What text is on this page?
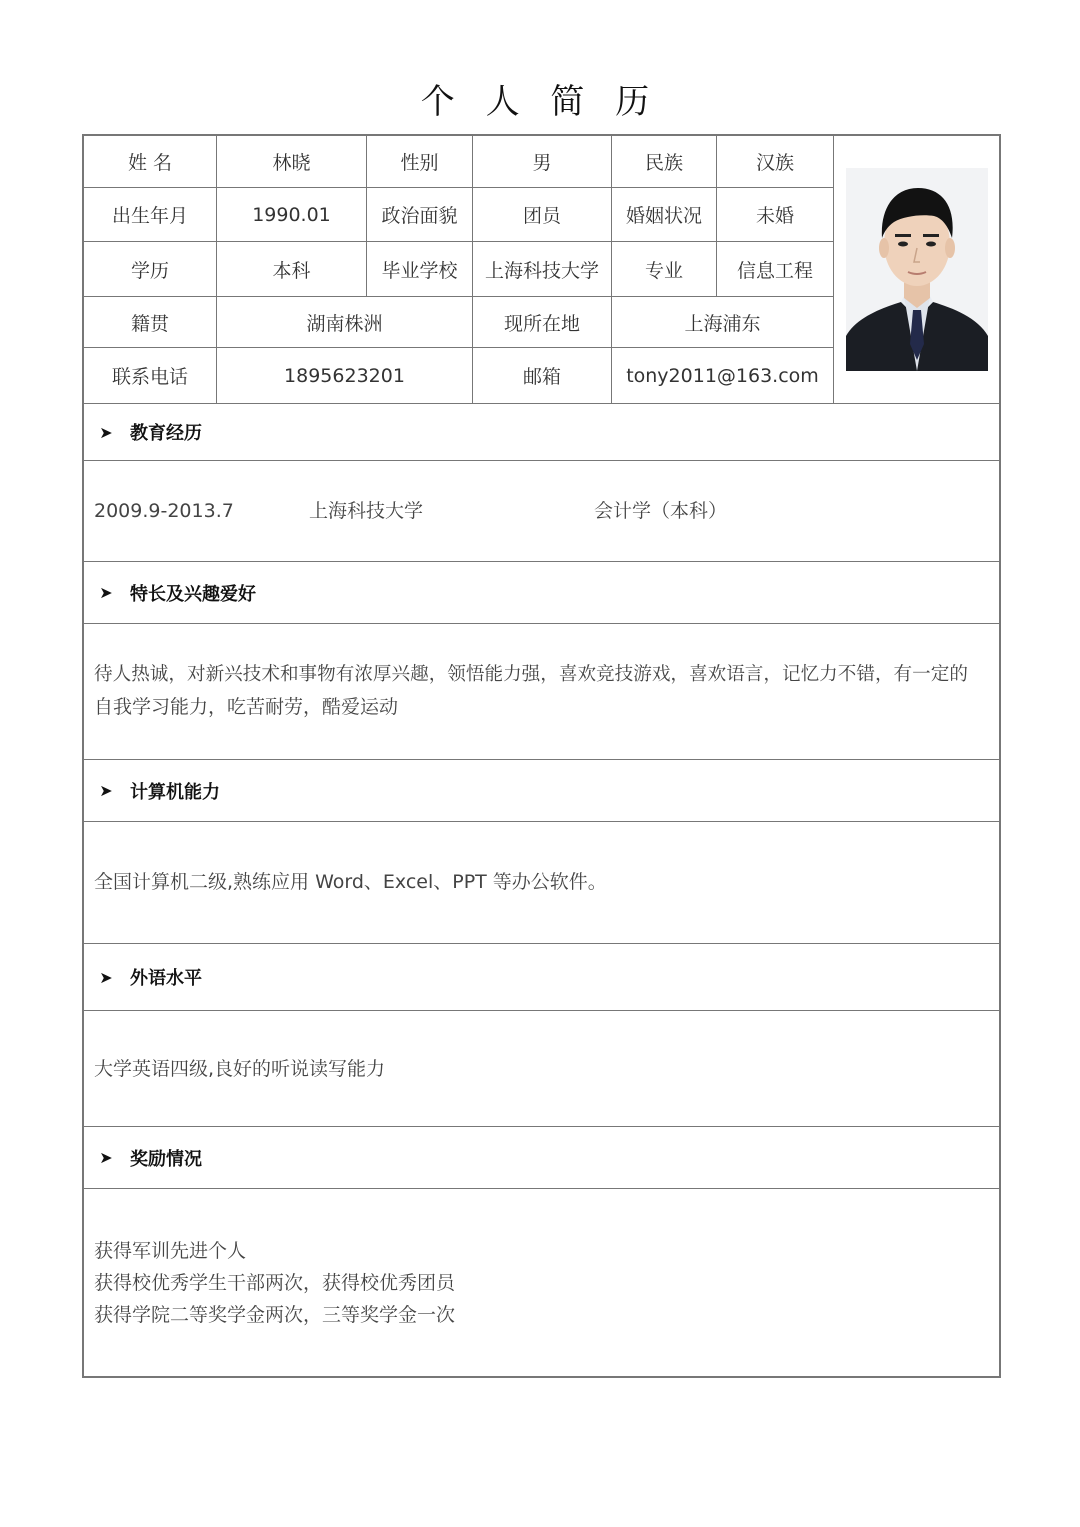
个 人 简 历
姓 名	林晓	性别	男	民族	汉族
出生年月	1990.01	政治面貌	团员	婚姻状况	未婚
学历	本科	毕业学校	上海科技大学	专业	信息工程
籍贯	湖南株洲	现所在地	上海浦东
联系电话	1895623201	邮箱	tony2011@163.com
➤ 教育经历
2009.9-2013.7	上海科技大学	会计学（本科）
➤ 特长及兴趣爱好
待人热诚，对新兴技术和事物有浓厚兴趣，领悟能力强，喜欢竞技游戏，喜欢语言，记忆力不错，有一定的
自我学习能力，吃苦耐劳，酷爱运动
➤ 计算机能力
全国计算机二级,熟练应用 Word、Excel、PPT 等办公软件。
➤ 外语水平
大学英语四级,良好的听说读写能力
➤ 奖励情况
获得军训先进个人
获得校优秀学生干部两次，获得校优秀团员
获得学院二等奖学金两次，三等奖学金一次
